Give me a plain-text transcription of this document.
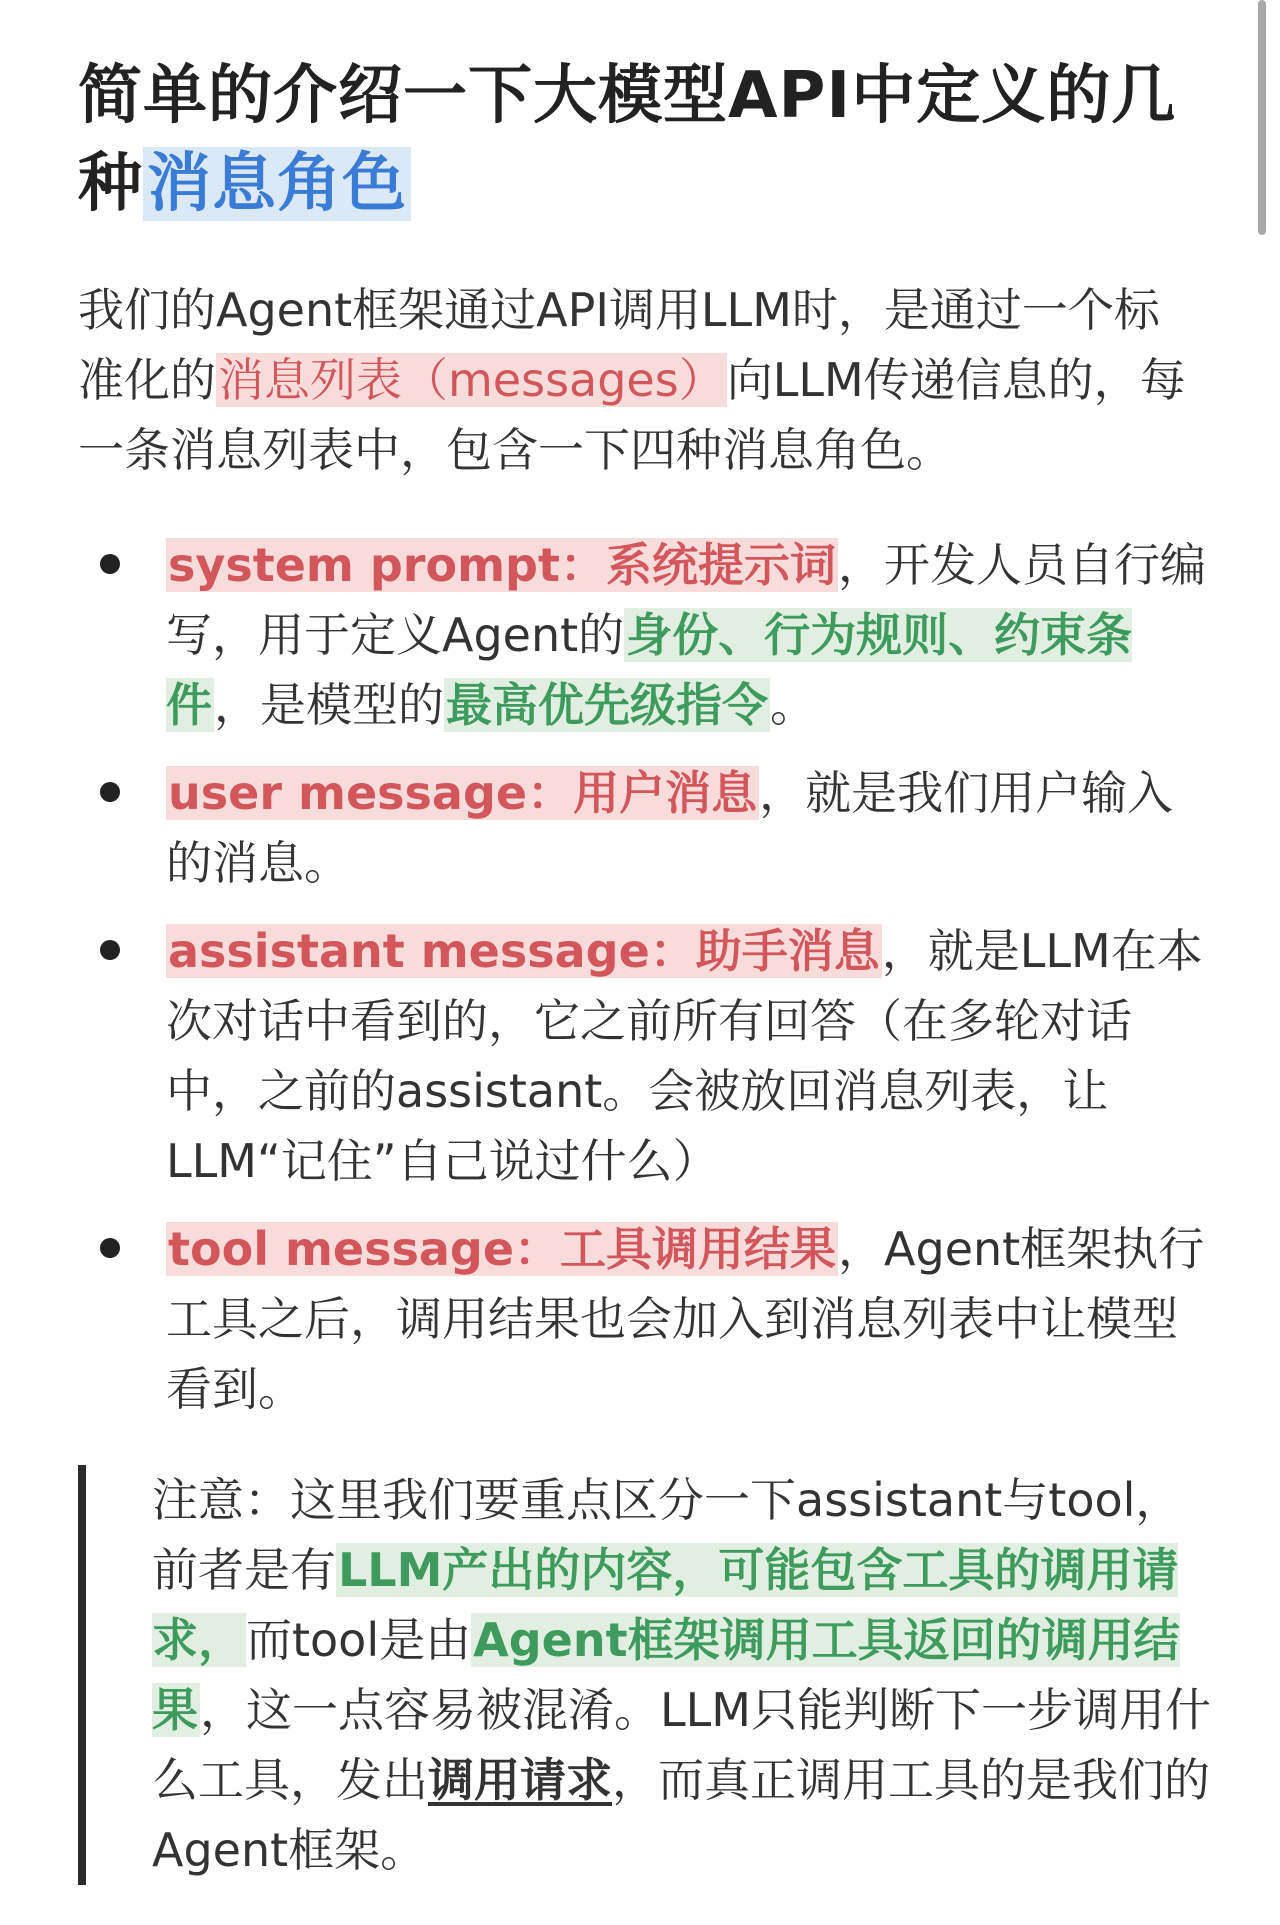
简单的介绍一下大模型API中定义的几种消息角色

我们的Agent框架通过API调用LLM时，是通过一个标准化的消息列表（messages）向LLM传递信息的，每一条消息列表中，包含一下四种消息角色。

system prompt：系统提示词，开发人员自行编写，用于定义Agent的身份、行为规则、约束条件，是模型的最高优先级指令。
user message：用户消息，就是我们用户输入的消息。
assistant message：助手消息，就是LLM在本次对话中看到的，它之前所有回答（在多轮对话中，之前的assistant。会被放回消息列表，让LLM“记住”自己说过什么）
tool message：工具调用结果，Agent框架执行工具之后，调用结果也会加入到消息列表中让模型看到。
注意：这里我们要重点区分一下assistant与tool，前者是有LLM产出的内容，可能包含工具的调用请求，而tool是由Agent框架调用工具返回的调用结果，这一点容易被混淆。LLM只能判断下一步调用什么工具，发出调用请求，而真正调用工具的是我们的Agent框架。
